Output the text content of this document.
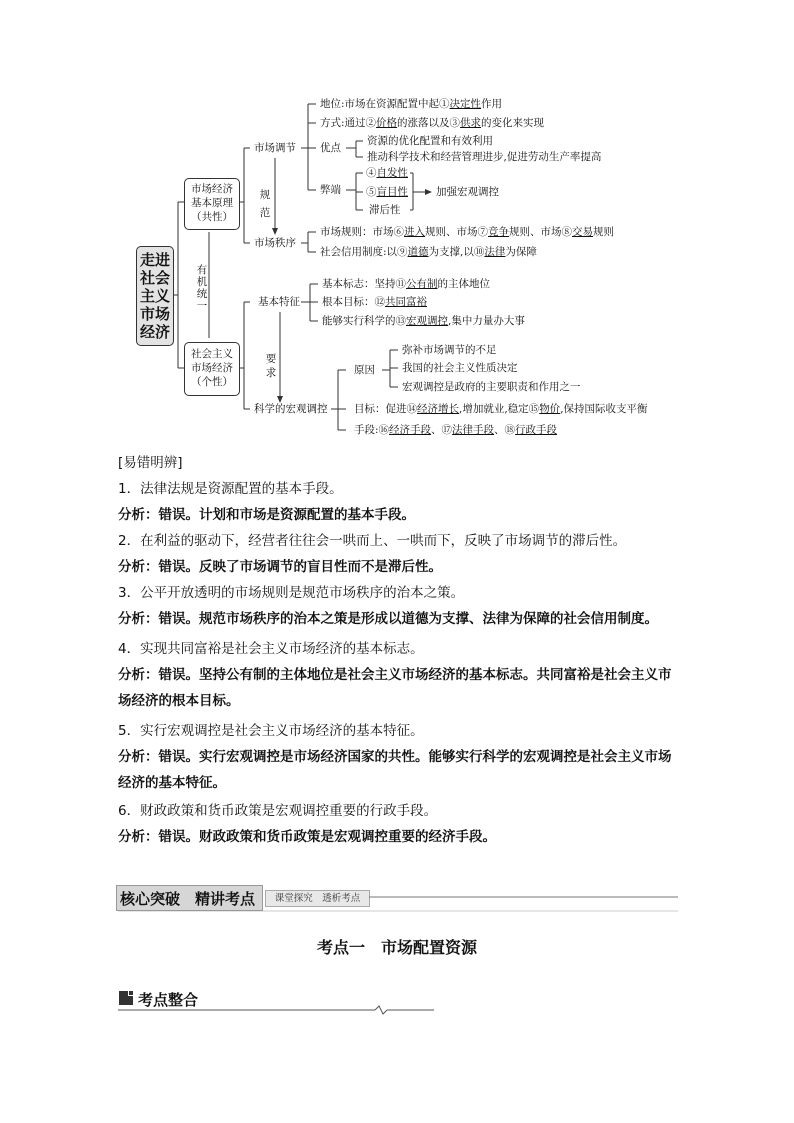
走进
社会
主义
市场
经济
市场经济
基本原理
（共性）
社会主义
市场经济
（个性）
有
机
统
一
规
范
要
求
市场调节
市场秩序
基本特征
科学的宏观调控
地位:市场在资源配置中起①决定性作用
方式:通过②价格的涨落以及③供求的变化来实现
优点
资源的优化配置和有效利用
推动科学技术和经营管理进步,促进劳动生产率提高
弊端
④自发性
⑤盲目性
滞后性
加强宏观调控
市场规则：市场⑥进入规则、市场⑦竞争规则、市场⑧交易规则
社会信用制度:以⑨道德为支撑,以⑩法律为保障
基本标志：坚持⑪公有制的主体地位
根本目标：⑫共同富裕
能够实行科学的⑬宏观调控,集中力量办大事
原因
弥补市场调节的不足
我国的社会主义性质决定
宏观调控是政府的主要职责和作用之一
目标：促进⑭经济增长,增加就业,稳定⑮物价,保持国际收支平衡
手段:⑯经济手段、⑰法律手段、⑱行政手段
[易错明辨]
1．法律法规是资源配置的基本手段。
分析：错误。计划和市场是资源配置的基本手段。
2．在利益的驱动下，经营者往往会一哄而上、一哄而下，反映了市场调节的滞后性。
分析：错误。反映了市场调节的盲目性而不是滞后性。
3．公平开放透明的市场规则是规范市场秩序的治本之策。
分析：错误。规范市场秩序的治本之策是形成以道德为支撑、法律为保障的社会信用制度。
4．实现共同富裕是社会主义市场经济的基本标志。
分析：错误。坚持公有制的主体地位是社会主义市场经济的基本标志。共同富裕是社会主义市场经济的根本目标。
5．实行宏观调控是社会主义市场经济的基本特征。
分析：错误。实行宏观调控是市场经济国家的共性。能够实行科学的宏观调控是社会主义市场经济的基本特征。
6．财政政策和货币政策是宏观调控重要的行政手段。
分析：错误。财政政策和货币政策是宏观调控重要的经济手段。
核心突破　精讲考点	课堂探究　透析考点
考点一　市场配置资源
考点整合
